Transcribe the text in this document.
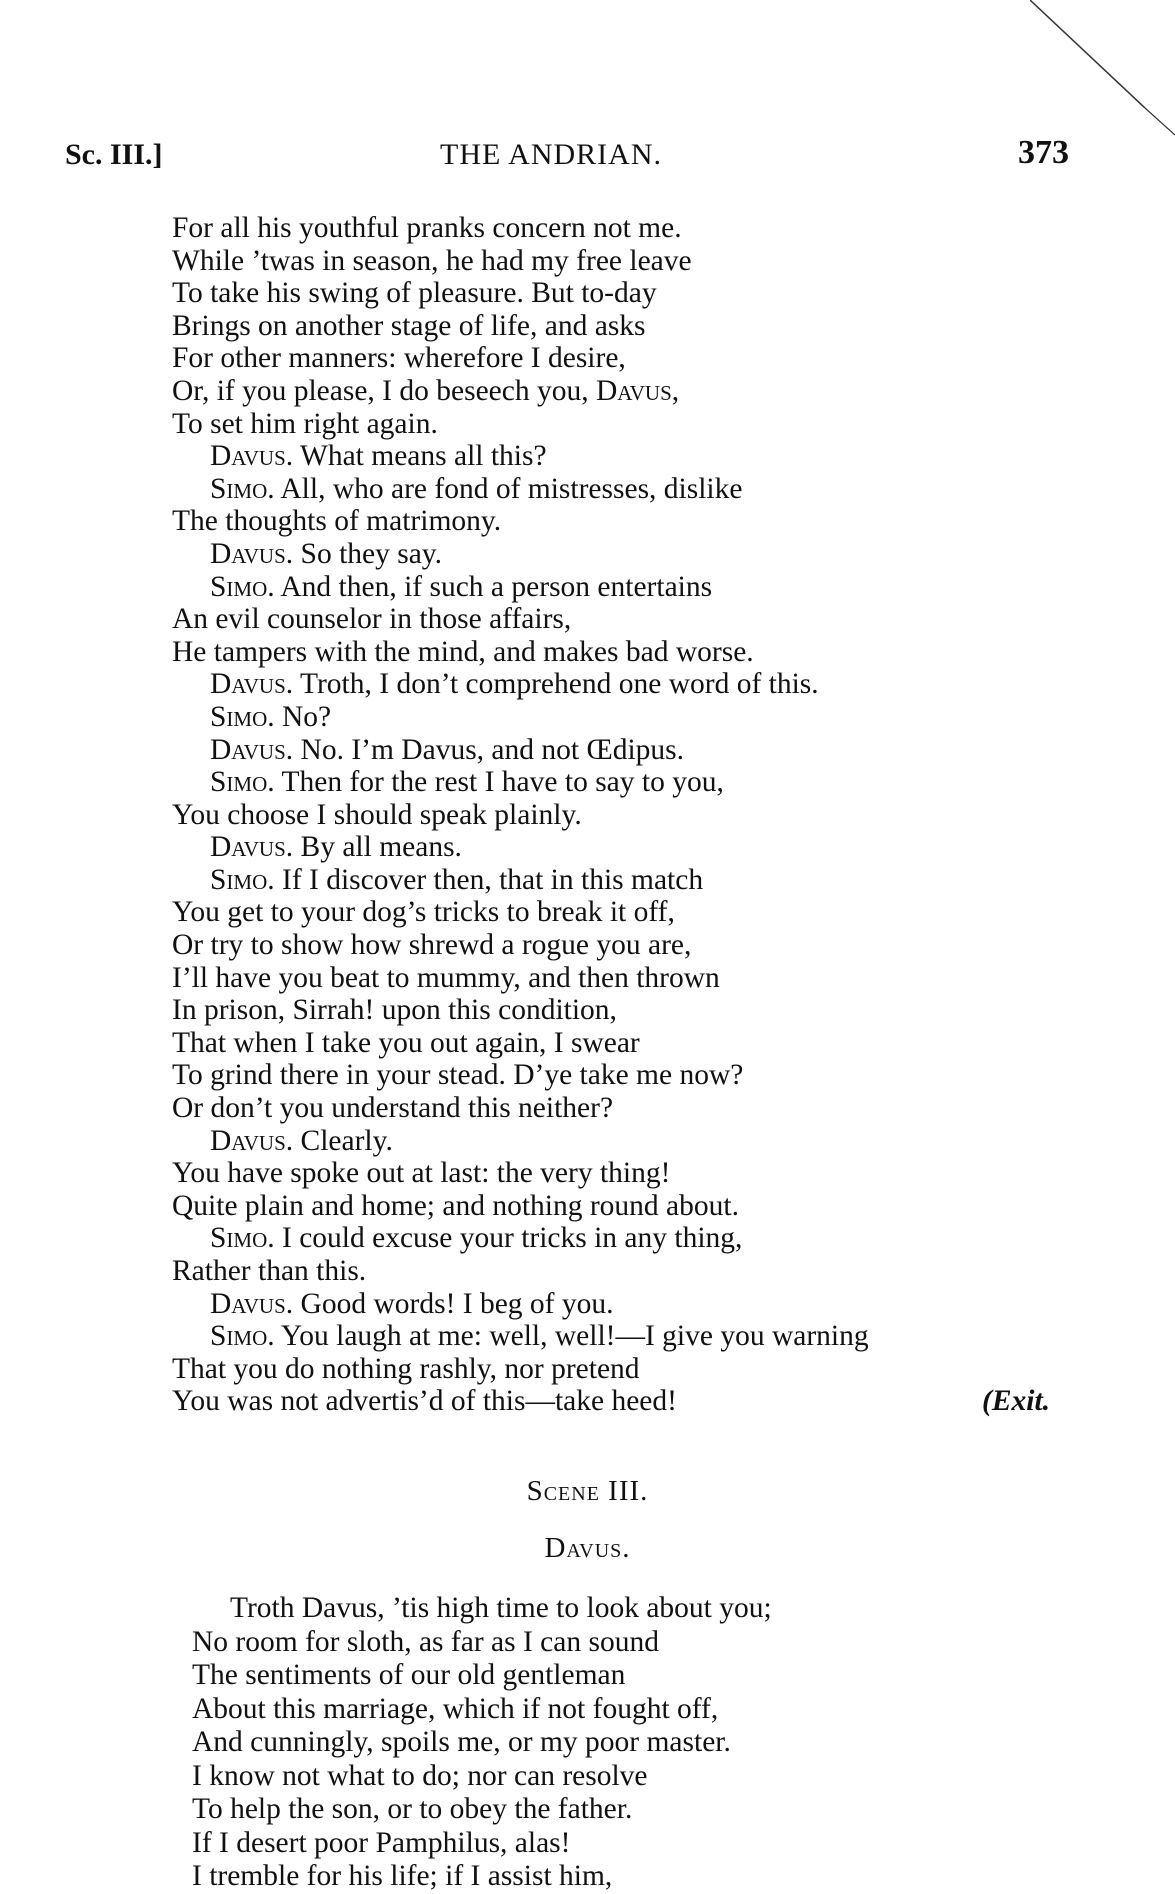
Sc. III.]	THE ANDRIAN.	373
For all his youthful pranks concern not me.
While ’twas in season, he had my free leave
To take his swing of pleasure. But to-day
Brings on another stage of life, and asks
For other manners: wherefore I desire,
Or, if you please, I do beseech you, Davus,
To set him right again.
Davus. What means all this?
Simo. All, who are fond of mistresses, dislike
The thoughts of matrimony.
Davus. So they say.
Simo. And then, if such a person entertains
An evil counselor in those affairs,
He tampers with the mind, and makes bad worse.
Davus. Troth, I don’t comprehend one word of this.
Simo. No?
Davus. No. I’m Davus, and not Œdipus.
Simo. Then for the rest I have to say to you,
You choose I should speak plainly.
Davus. By all means.
Simo. If I discover then, that in this match
You get to your dog’s tricks to break it off,
Or try to show how shrewd a rogue you are,
I’ll have you beat to mummy, and then thrown
In prison, Sirrah! upon this condition,
That when I take you out again, I swear
To grind there in your stead. D’ye take me now?
Or don’t you understand this neither?
Davus. Clearly.
You have spoke out at last: the very thing!
Quite plain and home; and nothing round about.
Simo. I could excuse your tricks in any thing,
Rather than this.
Davus. Good words! I beg of you.
Simo. You laugh at me: well, well!—I give you warning
That you do nothing rashly, nor pretend
You was not advertis’d of this—take heed!	(Exit.
Scene III.
Davus.
Troth Davus, ’tis high time to look about you;
No room for sloth, as far as I can sound
The sentiments of our old gentleman
About this marriage, which if not fought off,
And cunningly, spoils me, or my poor master.
I know not what to do; nor can resolve
To help the son, or to obey the father.
If I desert poor Pamphilus, alas!
I tremble for his life; if I assist him,
